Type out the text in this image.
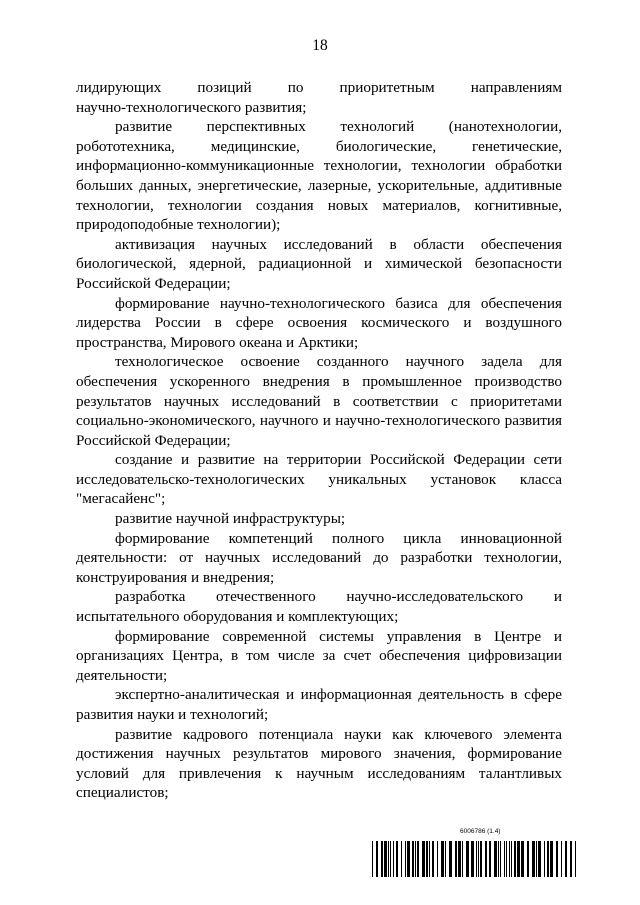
18

лидирующих позиций по приоритетным направлениям
научно-технологического развития;

развитие перспективных технологий (нанотехнологии, робототехника, медицинские, биологические, генетические, информационно-коммуникационные технологии, технологии обработки больших данных, энергетические, лазерные, ускорительные, аддитивные технологии, технологии создания новых материалов, когнитивные, природоподобные технологии);

активизация научных исследований в области обеспечения биологической, ядерной, радиационной и химической безопасности Российской Федерации;

формирование научно-технологического базиса для обеспечения лидерства России в сфере освоения космического и воздушного пространства, Мирового океана и Арктики;

технологическое освоение созданного научного задела для обеспечения ускоренного внедрения в промышленное производство результатов научных исследований в соответствии с приоритетами социально-экономического, научного и научно-технологического развития Российской Федерации;

создание и развитие на территории Российской Федерации сети исследовательско-технологических уникальных установок класса "мегасайенс";

развитие научной инфраструктуры;

формирование компетенций полного цикла инновационной деятельности: от научных исследований до разработки технологии, конструирования и внедрения;

разработка отечественного научно-исследовательского и испытательного оборудования и комплектующих;

формирование современной системы управления в Центре и организациях Центра, в том числе за счет обеспечения цифровизации деятельности;

экспертно-аналитическая и информационная деятельность в сфере развития науки и технологий;

развитие кадрового потенциала науки как ключевого элемента достижения научных результатов мирового значения, формирование условий для привлечения к научным исследованиям талантливых специалистов;

6006786 (1.4)
